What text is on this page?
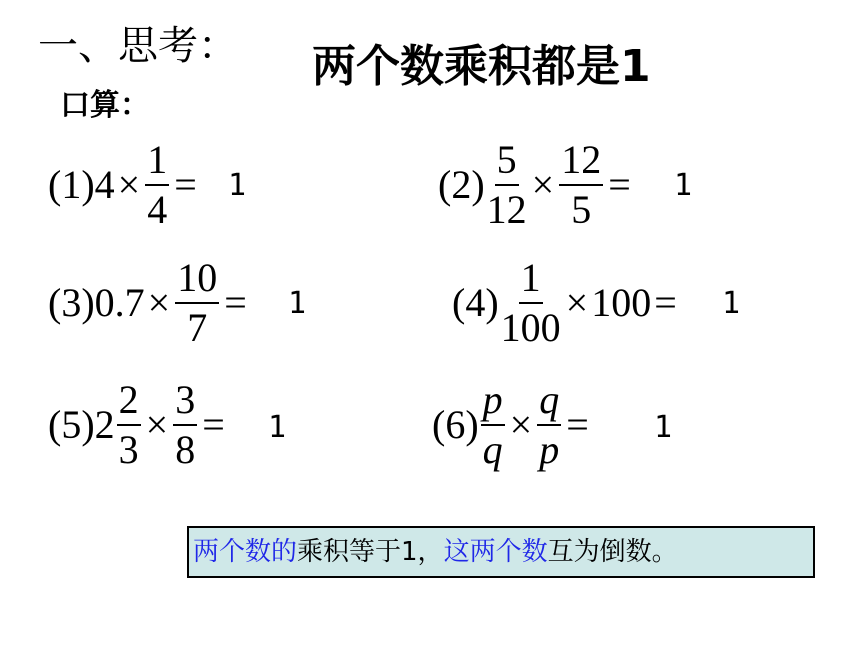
一、思考： 两个数乘积都是1
口算：
(1) $4 \times \frac{1}{4} = 1$	$(2) \frac{5}{12} \times \frac{12}{5} = 1$
(3) $0.7 \times \frac{10}{7} = 1$	$(4) \frac{1}{100} \times 100 = 1$
(5) $2 \frac{2}{3} \times \frac{3}{8} = 1$	$(6) \frac{p}{q} \times \frac{q}{p} = 1$
两个数的乘积等于1，这两个数互为倒数。
